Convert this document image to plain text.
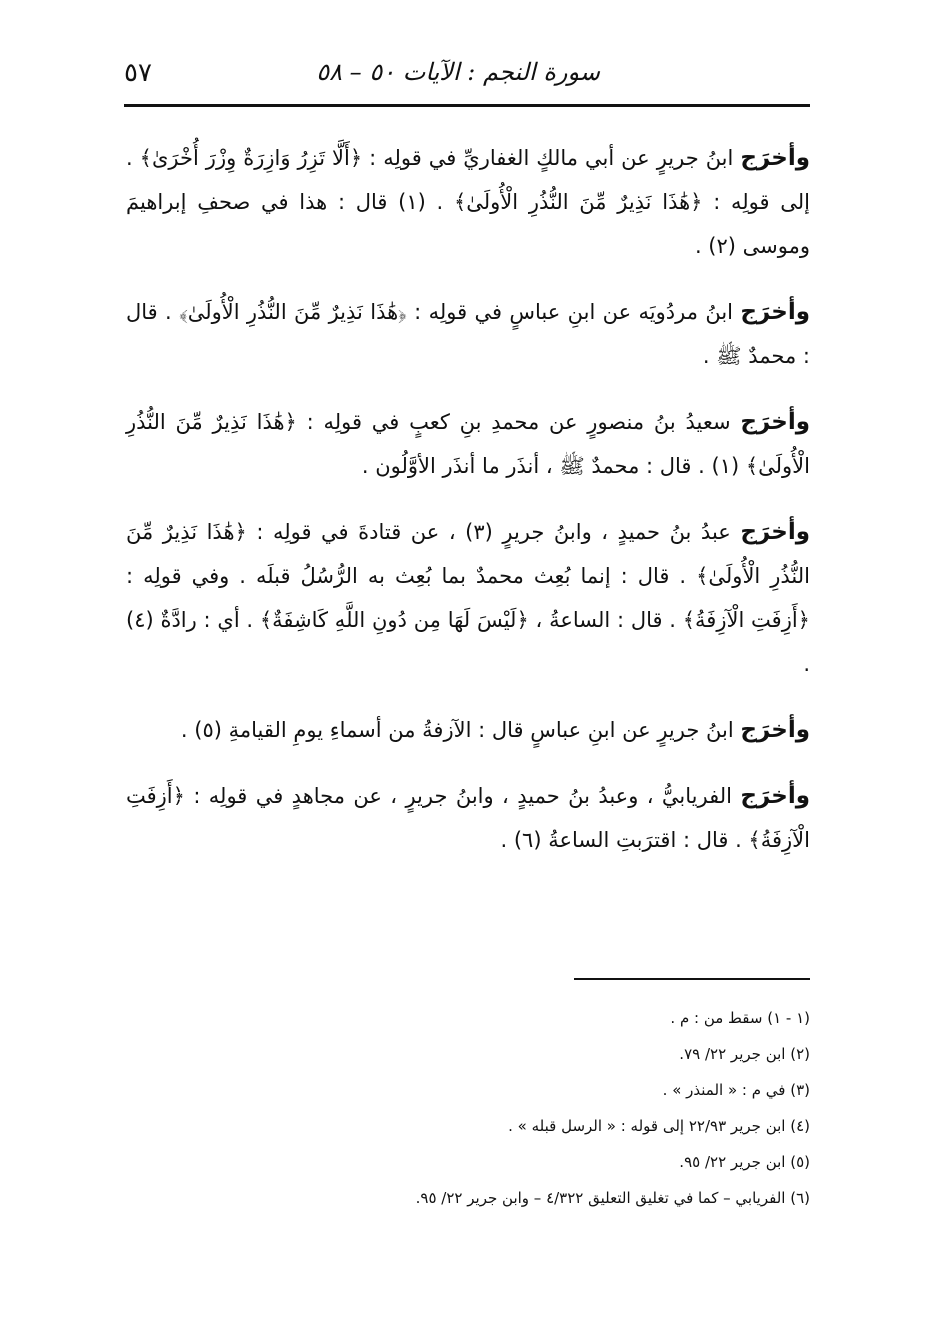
سورة النجم : الآيات ٥٠ – ٥٨
٥٧

وأخرَج ابنُ جريرٍ عن أبي مالكٍ الغفاريِّ في قولِه : ﴿أَلَّا تَزِرُ وَازِرَةٌ وِزْرَ أُخْرَىٰ﴾ . إلى قولِه : ﴿هَٰذَا نَذِيرٌ مِّنَ النُّذُرِ الْأُولَىٰ﴾ . (١) قال : هذا في صحفِ إبراهيمَ وموسى (٢) .

وأخرَج ابنُ مردُويَه عن ابنِ عباسٍ في قولِه : ﴿هَٰذَا نَذِيرٌ مِّنَ النُّذُرِ الْأُولَىٰ﴾ . قال : محمدٌ ﷺ .

وأخرَج سعيدُ بنُ منصورٍ عن محمدِ بنِ كعبٍ في قولِه : ﴿هَٰذَا نَذِيرٌ مِّنَ النُّذُرِ الْأُولَىٰ﴾ (١) . قال : محمدٌ ﷺ ، أنذَر ما أنذَر الأوَّلُون .

وأخرَج عبدُ بنُ حميدٍ ، وابنُ جريرٍ (٣) ، عن قتادةَ في قولِه : ﴿هَٰذَا نَذِيرٌ مِّنَ النُّذُرِ الْأُولَىٰ﴾ . قال : إنما بُعِث محمدٌ بما بُعِث به الرُّسُلُ قبلَه . وفي قولِه : ﴿أَزِفَتِ الْآزِفَةُ﴾ . قال : الساعةُ ، ﴿لَيْسَ لَهَا مِن دُونِ اللَّهِ كَاشِفَةٌ﴾ . أي : رادَّةٌ (٤) .

وأخرَج ابنُ جريرٍ عن ابنِ عباسٍ قال : الآزفةُ من أسماءِ يومِ القيامةِ (٥) .

وأخرَج الفريابيُّ ، وعبدُ بنُ حميدٍ ، وابنُ جريرٍ ، عن مجاهدٍ في قولِه : ﴿أَزِفَتِ الْآزِفَةُ﴾ . قال : اقترَبتِ الساعةُ (٦) .

(١ - ١) سقط من : م .

(٢) ابن جرير ٢٢/ ٧٩.

(٣) في م : « المنذر » .

(٤) ابن جرير ٢٢/٩٣ إلى قوله : « الرسل قبله » .

(٥) ابن جرير ٢٢/ ٩٥.

(٦) الفريابي – كما في تغليق التعليق ٤/٣٢٢ – وابن جرير ٢٢/ ٩٥.
